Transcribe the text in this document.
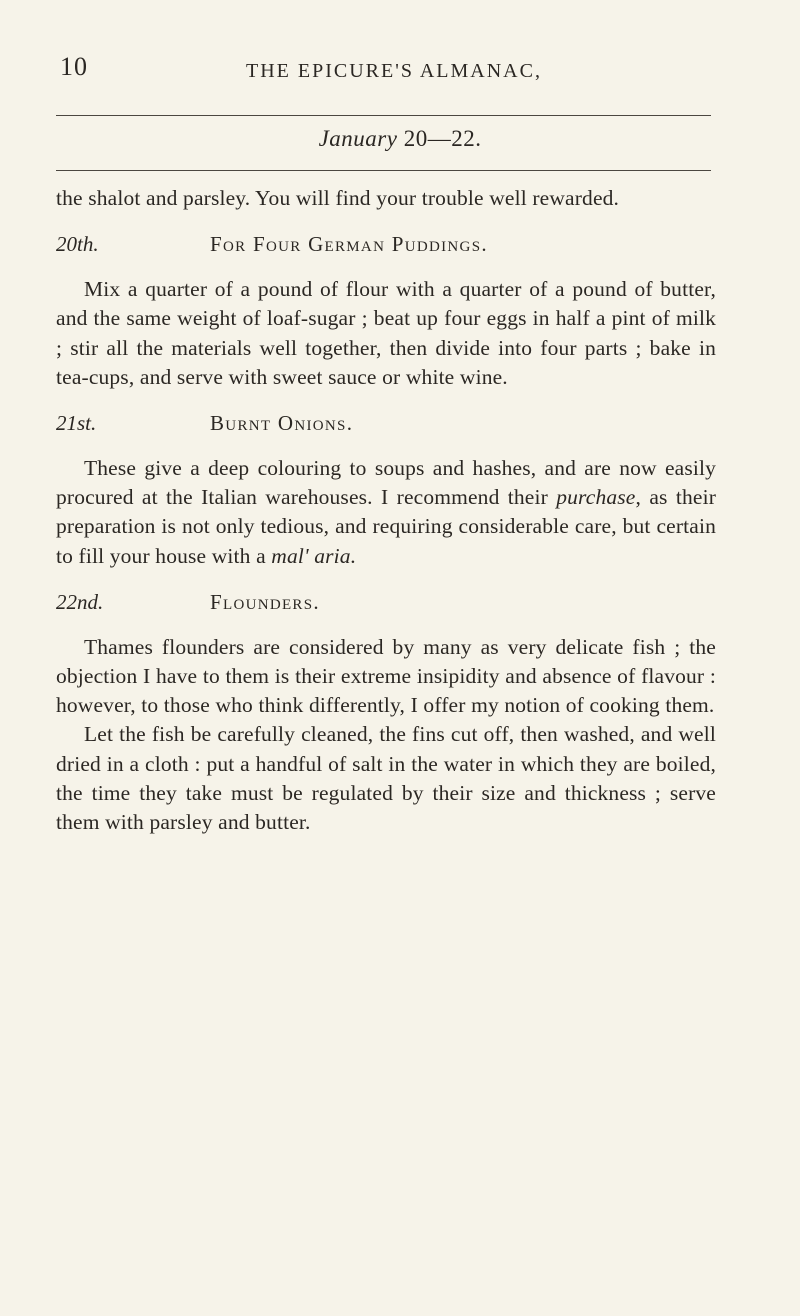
10	THE EPICURE'S ALMANAC,
January 20—22.

the shalot and parsley. You will find your trouble well rewarded.

20th.	For Four German Puddings.

Mix a quarter of a pound of flour with a quarter of a pound of butter, and the same weight of loaf-sugar ; beat up four eggs in half a pint of milk ; stir all the materials well together, then divide into four parts ; bake in tea-cups, and serve with sweet sauce or white wine.

21st.	Burnt Onions.

These give a deep colouring to soups and hashes, and are now easily procured at the Italian warehouses. I recommend their purchase, as their preparation is not only tedious, and requiring considerable care, but certain to fill your house with a mal' aria.

22nd.	Flounders.

Thames flounders are considered by many as very delicate fish ; the objection I have to them is their extreme insipidity and absence of flavour : however, to those who think differently, I offer my notion of cooking them.

Let the fish be carefully cleaned, the fins cut off, then washed, and well dried in a cloth : put a handful of salt in the water in which they are boiled, the time they take must be regulated by their size and thickness ; serve them with parsley and butter.
